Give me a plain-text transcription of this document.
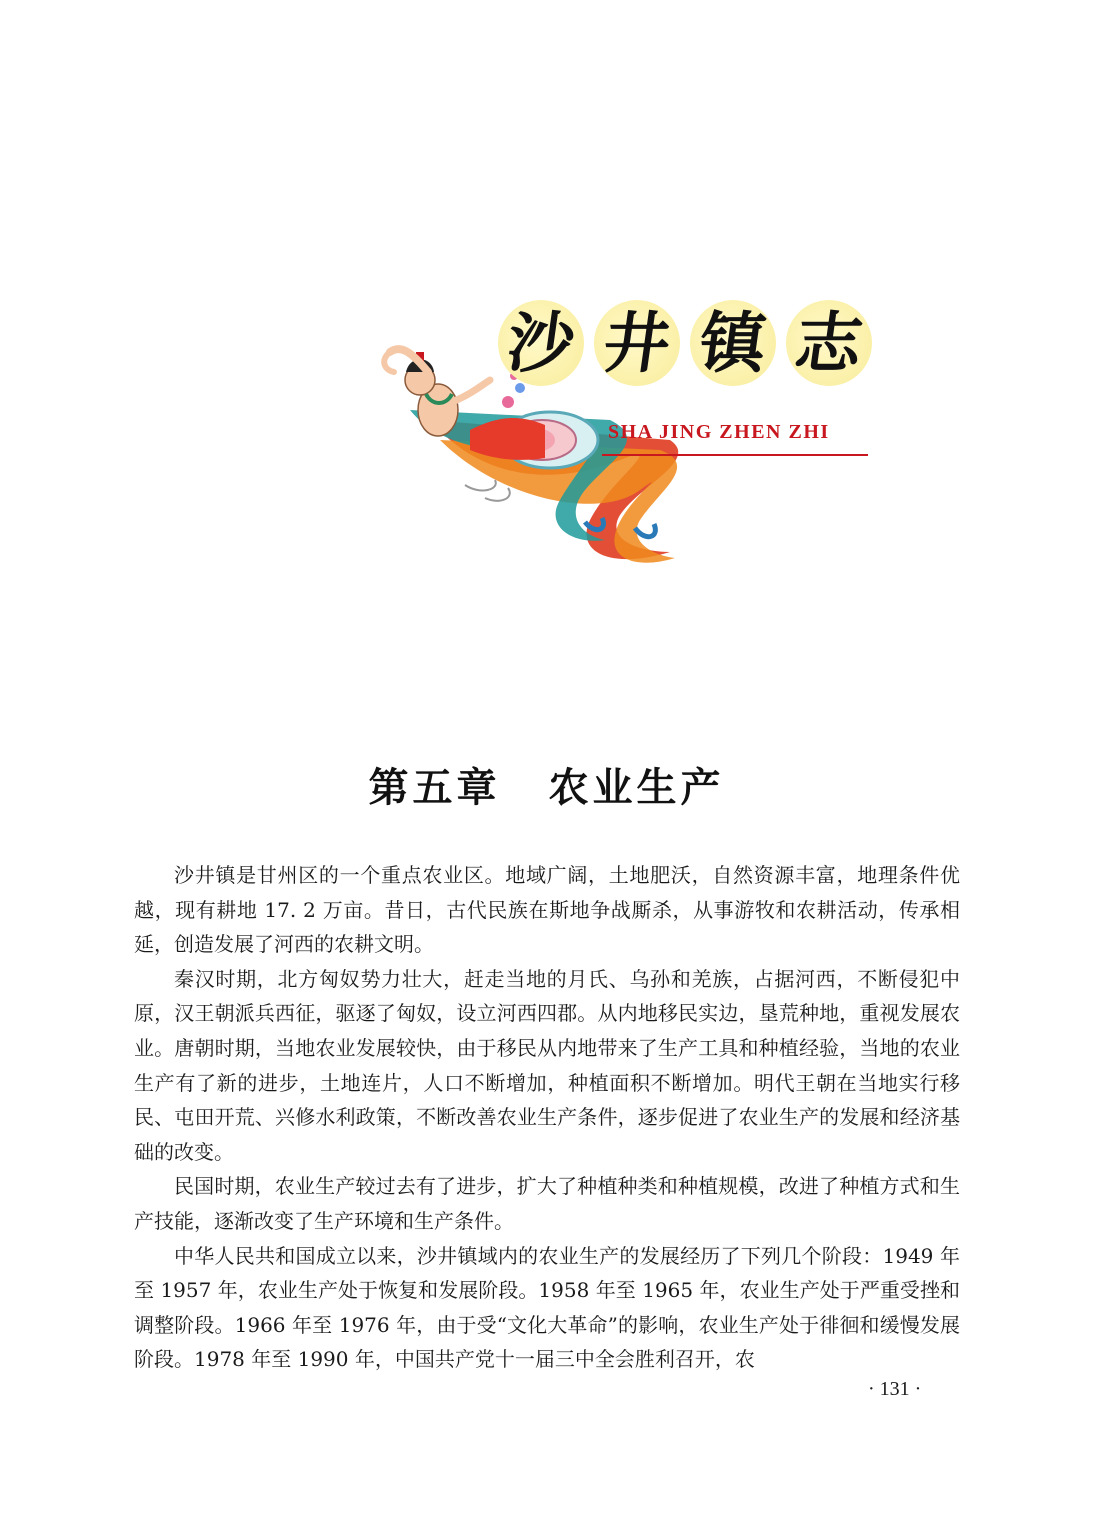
沙 井 镇 志
SHA JING ZHEN ZHI
第五章 农业生产

沙井镇是甘州区的一个重点农业区。地域广阔，土地肥沃，自然资源丰富，地理条件优越，现有耕地 17. 2 万亩。昔日，古代民族在斯地争战厮杀，从事游牧和农耕活动，传承相延，创造发展了河西的农耕文明。

秦汉时期，北方匈奴势力壮大，赶走当地的月氏、乌孙和羌族，占据河西，不断侵犯中原，汉王朝派兵西征，驱逐了匈奴，设立河西四郡。从内地移民实边，垦荒种地，重视发展农业。唐朝时期，当地农业发展较快，由于移民从内地带来了生产工具和种植经验，当地的农业生产有了新的进步，土地连片，人口不断增加，种植面积不断增加。明代王朝在当地实行移民、屯田开荒、兴修水利政策，不断改善农业生产条件，逐步促进了农业生产的发展和经济基础的改变。

民国时期，农业生产较过去有了进步，扩大了种植种类和种植规模，改进了种植方式和生产技能，逐渐改变了生产环境和生产条件。

中华人民共和国成立以来，沙井镇域内的农业生产的发展经历了下列几个阶段：1949 年至 1957 年，农业生产处于恢复和发展阶段。1958 年至 1965 年，农业生产处于严重受挫和调整阶段。1966 年至 1976 年，由于受“文化大革命”的影响，农业生产处于徘徊和缓慢发展阶段。1978 年至 1990 年，中国共产党十一届三中全会胜利召开，农

· 131 ·
